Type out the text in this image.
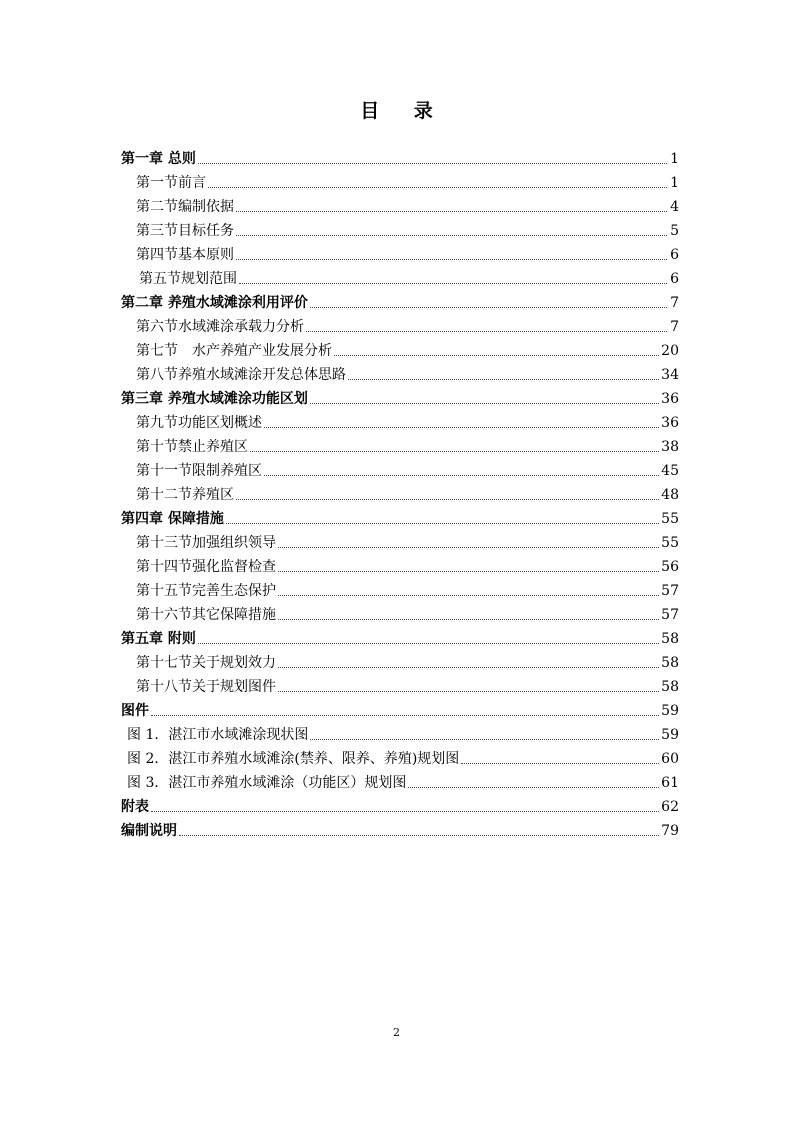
目 录
第一章 总则	1
第一节前言	1
第二节编制依据	4
第三节目标任务	5
第四节基本原则	6
第五节规划范围	6
第二章 养殖水域滩涂利用评价	7
第六节水域滩涂承载力分析	7
第七节　水产养殖产业发展分析	20
第八节养殖水域滩涂开发总体思路	34
第三章 养殖水域滩涂功能区划	36
第九节功能区划概述	36
第十节禁止养殖区	38
第十一节限制养殖区	45
第十二节养殖区	48
第四章 保障措施	55
第十三节加强组织领导	55
第十四节强化监督检查	56
第十五节完善生态保护	57
第十六节其它保障措施	57
第五章 附则	58
第十七节关于规划效力	58
第十八节关于规划图件	58
图件	59
图 1．湛江市水域滩涂现状图	59
图 2．湛江市养殖水域滩涂(禁养、限养、养殖)规划图	60
图 3．湛江市养殖水域滩涂（功能区）规划图	61
附表	62
编制说明	79
2
